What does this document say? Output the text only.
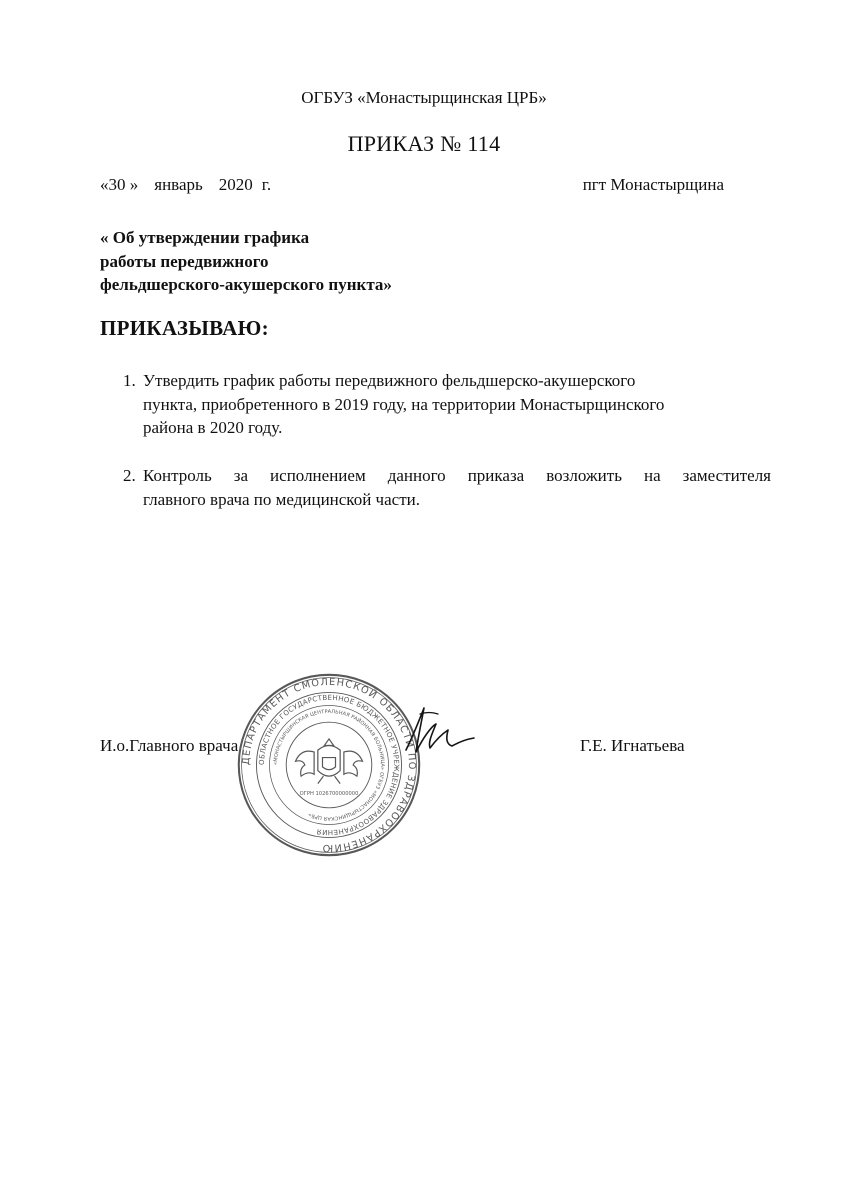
ОГБУЗ «Монастырщинская ЦРБ»
ПРИКАЗ № 114
«30 » январь 2020 г.	пгт Монастырщина
« Об утверждении графика
работы передвижного
фельдшерского-акушерского пункта»
ПРИКАЗЫВАЮ:
1. Утвердить график работы передвижного фельдшерско-акушерского
пункта, приобретенного в 2019 году, на территории Монастырщинского
района в 2020 году.
2. Контроль за исполнением данного приказа возложить на заместителя
главного врача по медицинской части.
И.о.Главного врача	Г.Е. Игнатьева
ДЕПАРТАМЕНТ СМОЛЕНСКОЙ ОБЛАСТИ ПО ЗДРАВООХРАНЕНИЮ
ОБЛАСТНОЕ ГОСУДАРСТВЕННОЕ БЮДЖЕТНОЕ УЧРЕЖДЕНИЕ ЗДРАВООХРАНЕНИЯ
«МОНАСТЫРЩИНСКАЯ ЦЕНТРАЛЬНАЯ РАЙОННАЯ БОЛЬНИЦА» ОГБУЗ «МОНАСТЫРЩИНСКАЯ ЦРБ»
ОГРН 1026700000000
